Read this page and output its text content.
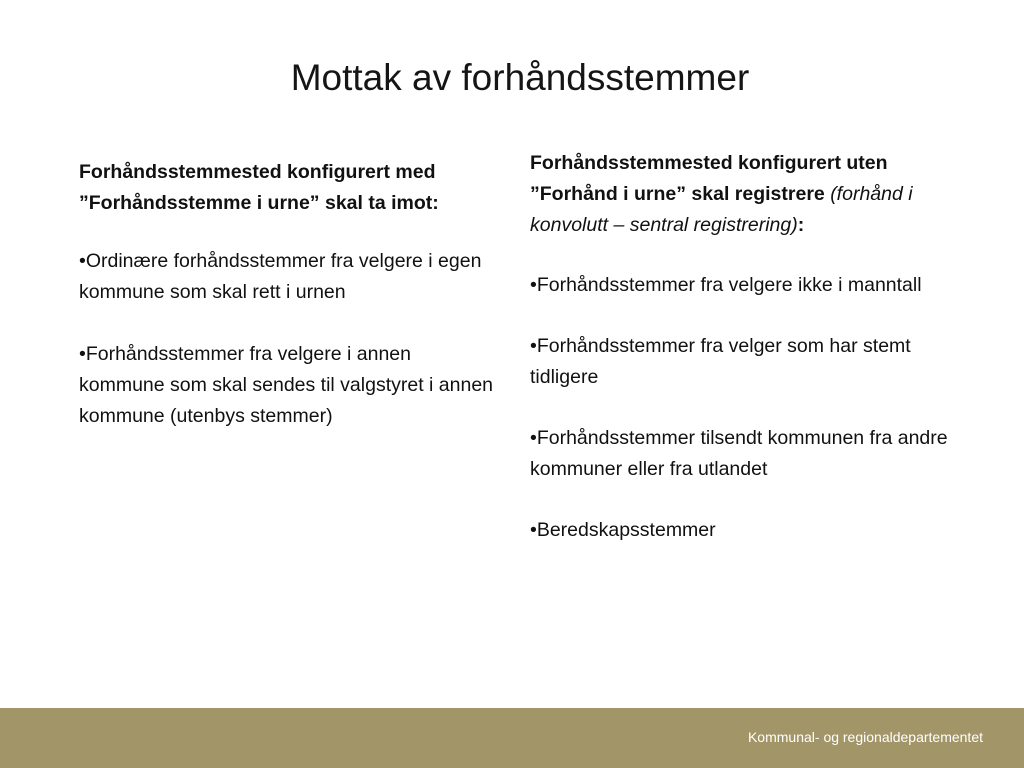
Mottak av forhåndsstemmer

Forhåndsstemmested konfigurert med ”Forhåndsstemme i urne” skal ta imot:

•Ordinære forhåndsstemmer fra velgere i egen kommune som skal rett i urnen
•Forhåndsstemmer fra velgere i annen kommune som skal sendes til valgstyret i annen kommune (utenbys stemmer)

Forhåndsstemmested konfigurert uten ”Forhånd i urne” skal registrere (forhånd i konvolutt – sentral registrering):

•Forhåndsstemmer fra velgere ikke i manntall
•Forhåndsstemmer fra velger som har stemt tidligere
•Forhåndsstemmer tilsendt kommunen fra andre kommuner eller fra utlandet
•Beredskapsstemmer
Kommunal- og regionaldepartementet
